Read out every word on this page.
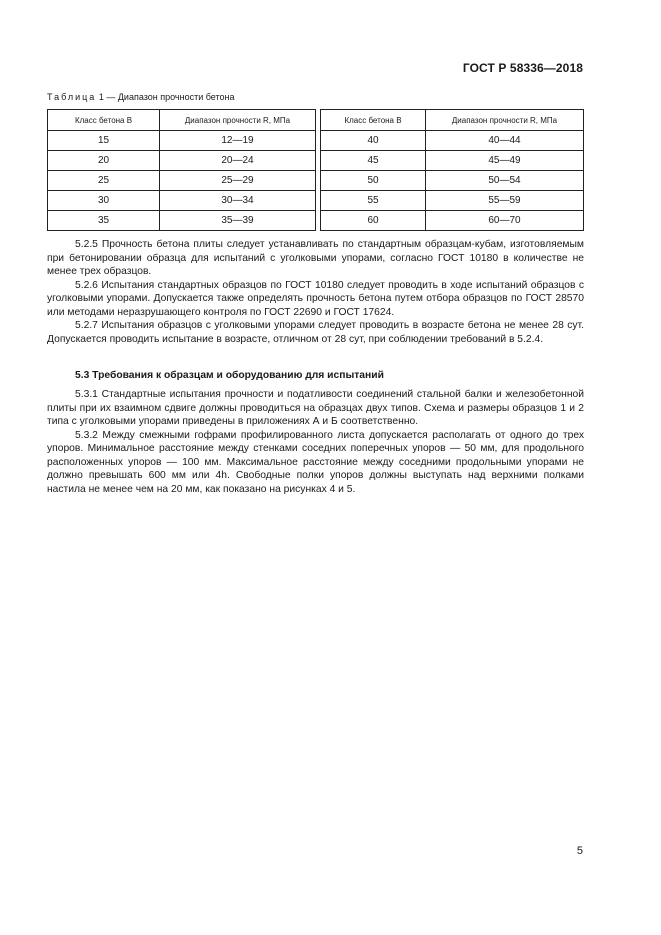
ГОСТ Р 58336—2018
Таблица 1 — Диапазон прочности бетона
Класс бетона B	Диапазон прочности R, МПа		Класс бетона B	Диапазон прочности R, МПа
15	12—19		40	40—44
20	20—24		45	45—49
25	25—29		50	50—54
30	30—34		55	55—59
35	35—39		60	60—70

5.2.5 Прочность бетона плиты следует устанавливать по стандартным образцам-кубам, изготовляемым при бетонировании образца для испытаний с уголковыми упорами, согласно ГОСТ 10180 в количестве не менее трех образцов.

5.2.6 Испытания стандартных образцов по ГОСТ 10180 следует проводить в ходе испытаний образцов с уголковыми упорами. Допускается также определять прочность бетона путем отбора образцов по ГОСТ 28570 или методами неразрушающего контроля по ГОСТ 22690 и ГОСТ 17624.

5.2.7 Испытания образцов с уголковыми упорами следует проводить в возрасте бетона не менее 28 сут. Допускается проводить испытание в возрасте, отличном от 28 сут, при соблюдении требований в 5.2.4.

5.3 Требования к образцам и оборудованию для испытаний

5.3.1 Стандартные испытания прочности и податливости соединений стальной балки и железобетонной плиты при их взаимном сдвиге должны проводиться на образцах двух типов. Схема и размеры образцов 1 и 2 типа с уголковыми упорами приведены в приложениях А и Б соответственно.

5.3.2 Между смежными гофрами профилированного листа допускается располагать от одного до трех упоров. Минимальное расстояние между стенками соседних поперечных упоров — 50 мм, для продольного расположенных упоров — 100 мм. Максимальное расстояние между соседними продольными упорами не должно превышать 600 мм или 4h. Свободные полки упоров должны выступать над верхними полками настила не менее чем на 20 мм, как показано на рисунках 4 и 5.

5
